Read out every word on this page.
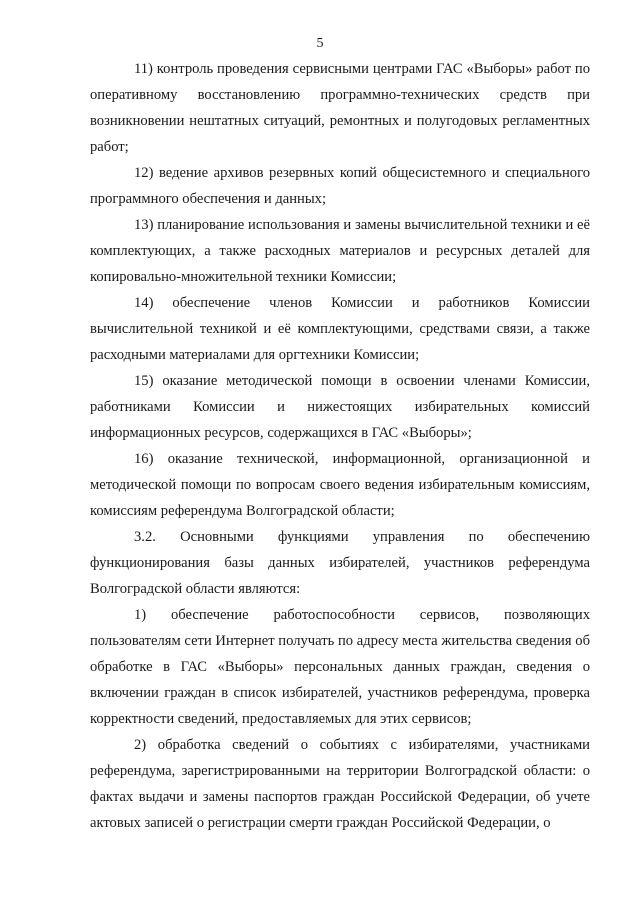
5

11) контроль проведения сервисными центрами ГАС «Выборы» работ по оперативному восстановлению программно-технических средств при возникновении нештатных ситуаций, ремонтных и полугодовых регламентных работ;

12) ведение архивов резервных копий общесистемного и специального программного обеспечения и данных;

13) планирование использования и замены вычислительной техники и её комплектующих, а также расходных материалов и ресурсных деталей для копировально-множительной техники Комиссии;

14) обеспечение членов Комиссии и работников Комиссии вычислительной техникой и её комплектующими, средствами связи, а также расходными материалами для оргтехники Комиссии;

15) оказание методической помощи в освоении членами Комиссии, работниками Комиссии и нижестоящих избирательных комиссий информационных ресурсов, содержащихся в ГАС «Выборы»;

16) оказание технической, информационной, организационной и методической помощи по вопросам своего ведения избирательным комиссиям, комиссиям референдума Волгоградской области;

3.2. Основными функциями управления по обеспечению функционирования базы данных избирателей, участников референдума Волгоградской области являются:

1) обеспечение работоспособности сервисов, позволяющих пользователям сети Интернет получать по адресу места жительства сведения об обработке в ГАС «Выборы» персональных данных граждан, сведения о включении граждан в список избирателей, участников референдума, проверка корректности сведений, предоставляемых для этих сервисов;

2) обработка сведений о событиях с избирателями, участниками референдума, зарегистрированными на территории Волгоградской области: о фактах выдачи и замены паспортов граждан Российской Федерации, об учете актовых записей о регистрации смерти граждан Российской Федерации, о
